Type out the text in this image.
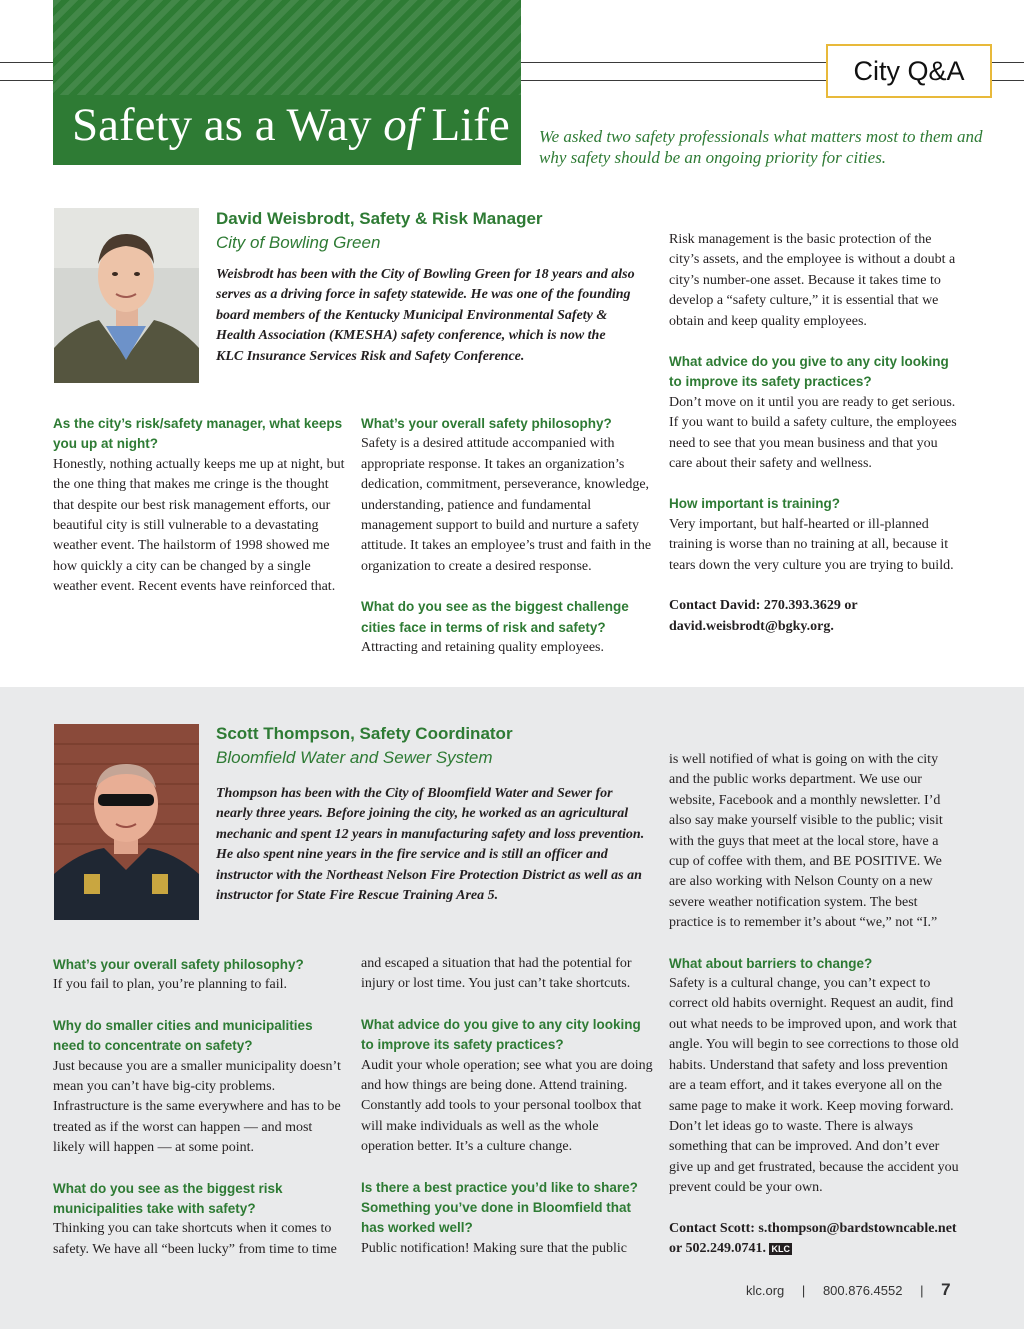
Safety as a Way of Life
City Q&A
We asked two safety professionals what matters most to them and why safety should be an ongoing priority for cities.
David Weisbrodt, Safety & Risk Manager
City of Bowling Green
Weisbrodt has been with the City of Bowling Green for 18 years and also serves as a driving force in safety statewide. He was one of the founding board members of the Kentucky Municipal Environmental Safety & Health Association (KMESHA) safety conference, which is now the KLC Insurance Services Risk and Safety Conference.
As the city’s risk/safety manager, what keeps you up at night?
Honestly, nothing actually keeps me up at night, but the one thing that makes me cringe is the thought that despite our best risk management efforts, our beautiful city is still vulnerable to a devastating weather event. The hailstorm of 1998 showed me how quickly a city can be changed by a single weather event. Recent events have reinforced that.
What’s your overall safety philosophy?
Safety is a desired attitude accompanied with appropriate response. It takes an organization’s dedication, commitment, perseverance, knowledge, understanding, patience and fundamental management support to build and nurture a safety attitude. It takes an employee’s trust and faith in the organization to create a desired response.
What do you see as the biggest challenge cities face in terms of risk and safety?
Attracting and retaining quality employees.
Risk management is the basic protection of the city’s assets, and the employee is without a doubt a city’s number-one asset. Because it takes time to develop a “safety culture,” it is essential that we obtain and keep quality employees.
What advice do you give to any city looking to improve its safety practices?
Don’t move on it until you are ready to get serious. If you want to build a safety culture, the employees need to see that you mean business and that you care about their safety and wellness.
How important is training?
Very important, but half-hearted or ill-planned training is worse than no training at all, because it tears down the very culture you are trying to build.
Contact David: 270.393.3629 or david.weisbrodt@bgky.org.
Scott Thompson, Safety Coordinator
Bloomfield Water and Sewer System
Thompson has been with the City of Bloomfield Water and Sewer for nearly three years. Before joining the city, he worked as an agricultural mechanic and spent 12 years in manufacturing safety and loss prevention. He also spent nine years in the fire service and is still an officer and instructor with the Northeast Nelson Fire Protection District as well as an instructor for State Fire Rescue Training Area 5.
What’s your overall safety philosophy?
If you fail to plan, you’re planning to fail.
Why do smaller cities and municipalities need to concentrate on safety?
Just because you are a smaller municipality doesn’t mean you can’t have big-city problems. Infrastructure is the same everywhere and has to be treated as if the worst can happen — and most likely will happen — at some point.
What do you see as the biggest risk municipalities take with safety?
Thinking you can take shortcuts when it comes to safety. We have all “been lucky” from time to time
and escaped a situation that had the potential for injury or lost time. You just can’t take shortcuts.
What advice do you give to any city looking to improve its safety practices?
Audit your whole operation; see what you are doing and how things are being done. Attend training. Constantly add tools to your personal toolbox that will make individuals as well as the whole operation better. It’s a culture change.
Is there a best practice you’d like to share? Something you’ve done in Bloomfield that has worked well?
Public notification! Making sure that the public
is well notified of what is going on with the city and the public works department. We use our website, Facebook and a monthly newsletter. I’d also say make yourself visible to the public; visit with the guys that meet at the local store, have a cup of coffee with them, and BE POSITIVE. We are also working with Nelson County on a new severe weather notification system. The best practice is to remember it’s about “we,” not “I.”
What about barriers to change?
Safety is a cultural change, you can’t expect to correct old habits overnight. Request an audit, find out what needs to be improved upon, and work that angle. You will begin to see corrections to those old habits. Understand that safety and loss prevention are a team effort, and it takes everyone all on the same page to make it work. Keep moving forward. Don’t let ideas go to waste. There is always something that can be improved. And don’t ever give up and get frustrated, because the accident you prevent could be your own.
Contact Scott: s.thompson@bardstowncable.net or 502.249.0741. KLC
klc.org | 800.876.4552 | 7
